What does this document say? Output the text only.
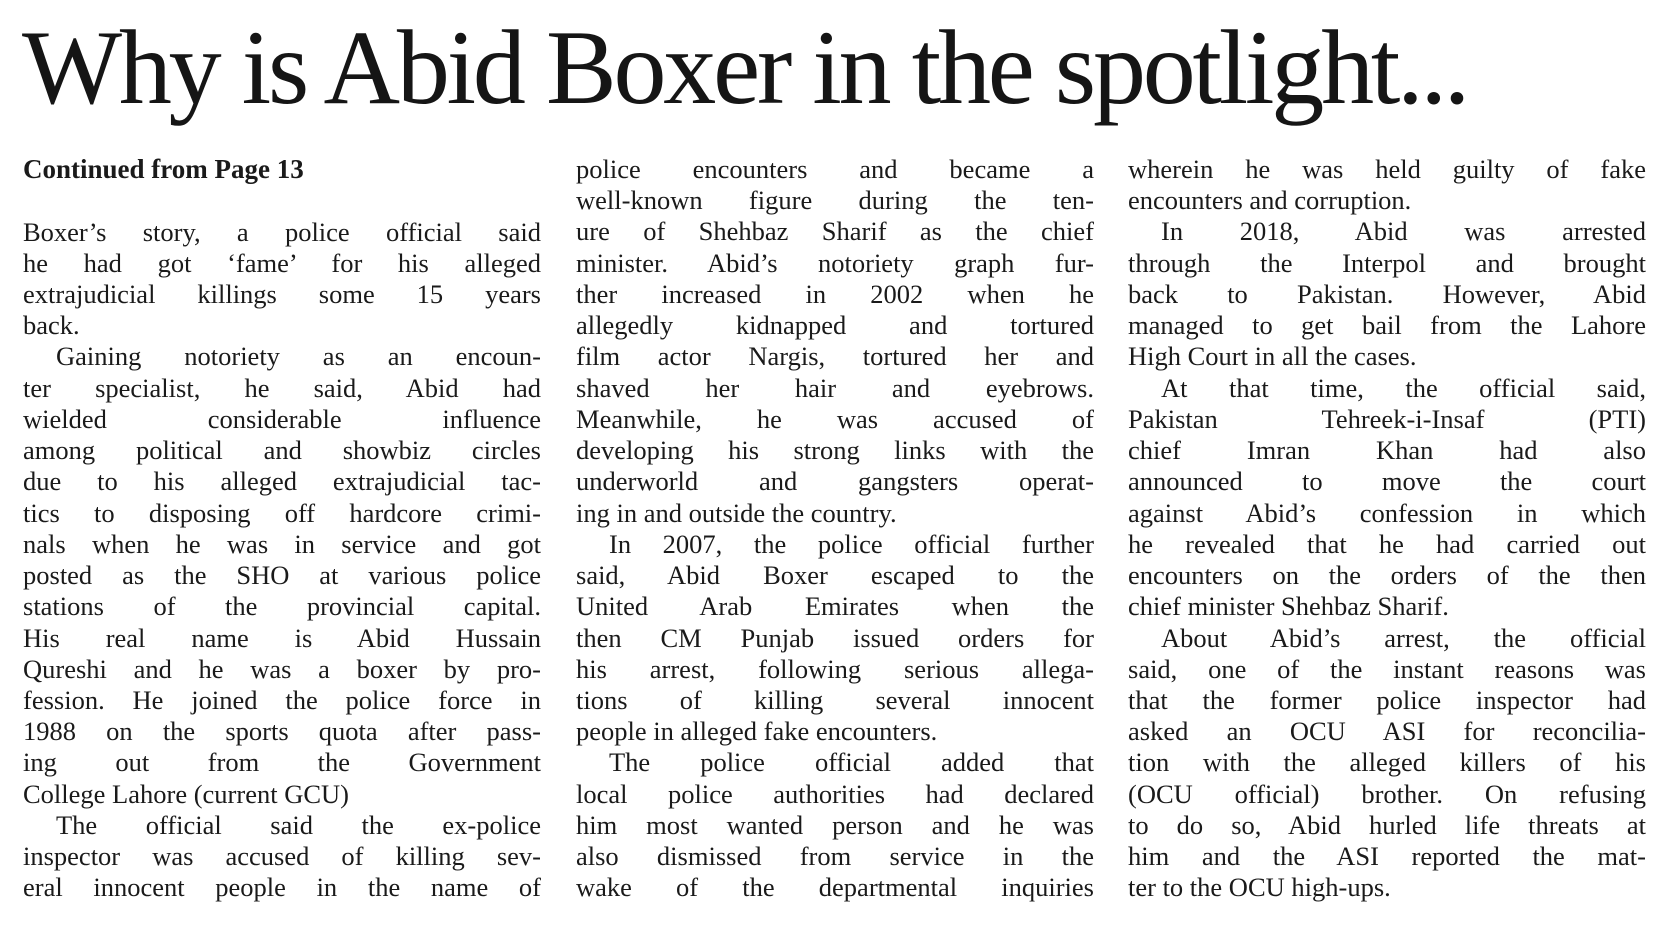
Why is Abid Boxer in the spotlight...
Continued from Page 13
Boxer’s story, a police official said
he had got ‘fame’ for his alleged
extrajudicial killings some 15 years
back.
Gaining notoriety as an encoun-
ter specialist, he said, Abid had
wielded considerable influence
among political and showbiz circles
due to his alleged extrajudicial tac-
tics to disposing off hardcore crimi-
nals when he was in service and got
posted as the SHO at various police
stations of the provincial capital.
His real name is Abid Hussain
Qureshi and he was a boxer by pro-
fession. He joined the police force in
1988 on the sports quota after pass-
ing out from the Government
College Lahore (current GCU)
The official said the ex-police
inspector was accused of killing sev-
eral innocent people in the name of
police encounters and became a
well-known figure during the ten-
ure of Shehbaz Sharif as the chief
minister. Abid’s notoriety graph fur-
ther increased in 2002 when he
allegedly kidnapped and tortured
film actor Nargis, tortured her and
shaved her hair and eyebrows.
Meanwhile, he was accused of
developing his strong links with the
underworld and gangsters operat-
ing in and outside the country.
In 2007, the police official further
said, Abid Boxer escaped to the
United Arab Emirates when the
then CM Punjab issued orders for
his arrest, following serious allega-
tions of killing several innocent
people in alleged fake encounters.
The police official added that
local police authorities had declared
him most wanted person and he was
also dismissed from service in the
wake of the departmental inquiries
wherein he was held guilty of fake
encounters and corruption.
In 2018, Abid was arrested
through the Interpol and brought
back to Pakistan. However, Abid
managed to get bail from the Lahore
High Court in all the cases.
At that time, the official said,
Pakistan Tehreek-i-Insaf (PTI)
chief Imran Khan had also
announced to move the court
against Abid’s confession in which
he revealed that he had carried out
encounters on the orders of the then
chief minister Shehbaz Sharif.
About Abid’s arrest, the official
said, one of the instant reasons was
that the former police inspector had
asked an OCU ASI for reconcilia-
tion with the alleged killers of his
(OCU official) brother. On refusing
to do so, Abid hurled life threats at
him and the ASI reported the mat-
ter to the OCU high-ups.
